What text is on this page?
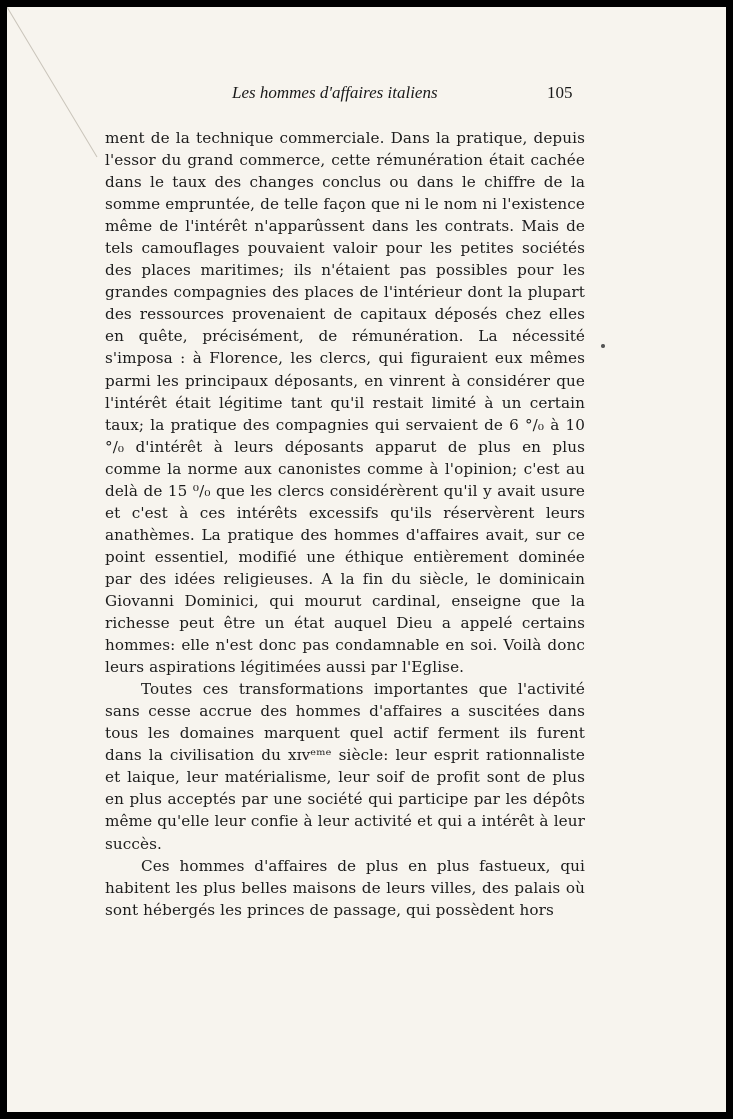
Les hommes d'affaires italiens	105

ment de la technique commerciale. Dans la pratique, depuis l'essor du grand commerce, cette rémunération était cachée dans le taux des changes conclus ou dans le chiffre de la somme empruntée, de telle façon que ni le nom ni l'existence même de l'intérêt n'apparûssent dans les contrats. Mais de tels camouflages pouvaient valoir pour les petites sociétés des places maritimes; ils n'étaient pas possibles pour les grandes compagnies des places de l'intérieur dont la plupart des ressources provenaient de capitaux déposés chez elles en quête, précisément, de rémunération. La nécessité s'imposa : à Florence, les clercs, qui figuraient eux mêmes parmi les principaux déposants, en vinrent à considérer que l'intérêt était légitime tant qu'il restait limité à un certain taux; la pratique des compagnies qui servaient de 6 °/₀ à 10 °/₀ d'intérêt à leurs déposants apparut de plus en plus comme la norme aux canonistes comme à l'opinion; c'est au delà de 15 ⁰/₀ que les clercs considérèrent qu'il y avait usure et c'est à ces intérêts excessifs qu'ils réservèrent leurs anathèmes. La pratique des hommes d'affaires avait, sur ce point essentiel, modifié une éthique entièrement dominée par des idées religieuses. A la fin du siècle, le dominicain Giovanni Dominici, qui mourut cardinal, enseigne que la richesse peut être un état auquel Dieu a appelé certains hommes: elle n'est donc pas condamnable en soi. Voilà donc leurs aspirations légitimées aussi par l'Eglise.

Toutes ces transformations importantes que l'activité sans cesse accrue des hommes d'affaires a suscitées dans tous les domaines marquent quel actif ferment ils furent dans la civilisation du xɪᴠᵉᵐᵉ siècle: leur esprit rationnaliste et laique, leur matérialisme, leur soif de profit sont de plus en plus acceptés par une société qui participe par les dépôts même qu'elle leur confie à leur activité et qui a intérêt à leur succès.

Ces hommes d'affaires de plus en plus fastueux, qui habitent les plus belles maisons de leurs villes, des palais où sont hébergés les princes de passage, qui possèdent hors
